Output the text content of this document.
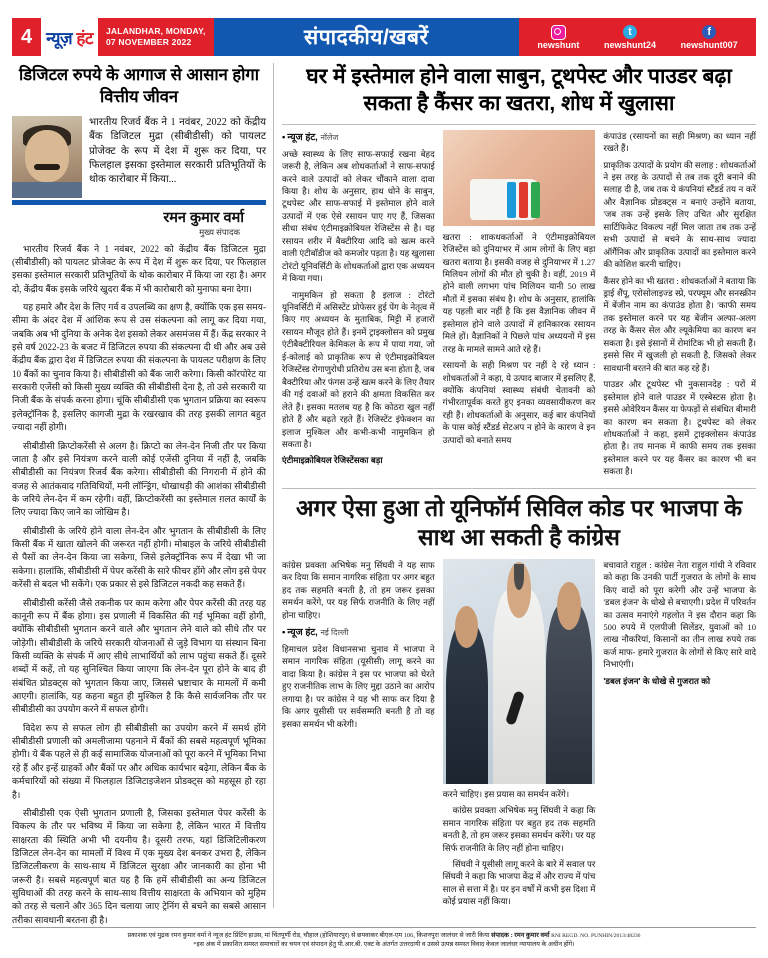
4 न्यूज़ हंट JALANDHAR, MONDAY,
07 NOVEMBER 2022	संपादकीय/खबरें	newshunt
t
newshunt24
f
newshunt007
डिजिटल रुपये के आगाज से आसान होगा वित्तीय जीवन
भारतीय रिजर्व बैंक ने 1 नवंबर, 2022 को केंद्रीय बैंक डिजिटल मुद्रा (सीबीडीसी) को पायलट प्रोजेक्ट के रूप में देश में शुरू कर दिया, पर फिलहाल इसका इस्तेमाल सरकारी प्रतिभूतियों के थोक कारोबार में किया...
रमन कुमार वर्मा
मुख्य संपादक

भारतीय रिजर्व बैंक ने 1 नवंबर, 2022 को केंद्रीय बैंक डिजिटल मुद्रा (सीबीडीसी) को पायलट प्रोजेक्ट के रूप में देश में शुरू कर दिया, पर फिलहाल इसका इस्तेमाल सरकारी प्रतिभूतियों के थोक कारोबार में किया जा रहा है। अगर दो, केंद्रीय बैंक इसके जरिये खुदरा बैंक में भी कारोबारी को मुनाफा बना देगा।

यह हमारे और देश के लिए गर्व व उपलब्धि का क्षण है, क्योंकि एक इस समय-सीमा के अंदर देश में आंशिक रूप से उस संकल्पना को लागू कर दिया गया, जबकि अब भी दुनिया के अनेक देश इसको लेकर असमंजस में हैं। केंद्र सरकार ने इसे वर्ष 2022-23 के बजट में डिजिटल रुपया की संकल्पना दी थी और अब उसे केंद्रीय बैंक द्वारा देश में डिजिटल रुपया की संकल्पना के पायलट परीक्षण के लिए 10 बैंकों का चुनाव किया है। सीबीडीसी को बैंक जारी करेगा। किसी कॉरपोरेट या सरकारी एजेंसी को किसी मुख्य व्यक्ति की सीबीडीसी देना है, तो उसे सरकारी या निजी बैंक के संपर्क करना होगा। चूंकि सीबीडीसी एक भुगतान प्रक्रिया का स्वरूप इलेक्ट्रॉनिक है, इसलिए कागजी मुद्रा के रखरखाव की तरह इसकी लागत बहुत ज्यादा नहीं होगी।

सीबीडीसी क्रिप्टोकरेंसी से अलग है। क्रिप्टो का लेन-देन निजी तौर पर किया जाता है और इसे नियंत्रण करने वाली कोई एजेंसी दुनिया में नहीं है, जबकि सीबीडीसी का नियंत्रण रिजर्व बैंक करेगा। सीबीडीसी की निगरानी में होने की वजह से आतंकवाद गतिविधियों, मनी लॉन्ड्रिंग, धोखाधड़ी की आशंका सीबीडीसी के जरिये लेन-देन में कम रहेगी। वहीं, क्रिप्टोकरेंसी का इस्तेमाल ग़लत कार्यों के लिए ज्यादा किए जाने का जोखिम है।

सीबीडीसी के जरिये होने वाला लेन-देन और भुगतान के सीबीडीसी के लिए किसी बैंक में खाता खोलने की जरूरत नहीं होगी। मोबाइल के जरिये सीबीडीसी से पैसों का लेन-देन किया जा सकेगा, जिसे इलेक्ट्रॉनिक रूप में देखा भी जा सकेगा। हालांकि, सीबीडीसी में पेपर करेंसी के सारे फीचर होंगे और लोग इसे पेपर करेंसी से बदल भी सकेंगे। एक प्रकार से इसे डिजिटल नकदी कह सकते हैं।

सीबीडीसी करेंसी जैसे तकनीक पर काम करेगा और पेपर करेंसी की तरह यह कानूनी रूप में बैंक होगा। इस प्रणाली में विकसित की गई भूमिका वहीं होगी, क्योंकि सीबीडीसी भुगतान करने वाले और भुगतान लेने वाले को सीधे तौर पर जोड़ेगी। सीबीडीसी के जरिये सरकारी योजनाओं से जुड़े विभाग या संस्थान बिना किसी व्यक्ति के संपर्क में आए सीधे लाभार्थियों को लाभ पहुंचा सकते हैं। दूसरे शब्दों में कहें, तो यह सुनिश्चित किया जाएगा कि लेन-देन पूरा होने के बाद ही संबंधित प्रोडक्ट्स को भुगतान किया जाए, जिससे भ्रष्टाचार के मामलों में कमी आएगी। हालांकि, यह कहना बहुत ही मुश्किल है कि कैसे सार्वजनिक तौर पर सीबीडीसी का उपयोग करने में सफल होगी।

विदेश रूप से सफल लोग ही सीबीडीसी का उपयोग करने में समर्थ होंगे सीबीडीसी प्रणाली को अमलीजामा पहनाने में बैंकों की सबसे महत्वपूर्ण भूमिका होगी। ये बैंक पहले से ही कई सामाजिक योजनाओं को पूरा करने में भूमिका निभा रहे हैं और इन्हें ग्राहकों और बैंकों पर और अधिक कार्यभार बढ़ेगा, लेकिन बैंक के कर्मचारियों को संख्या में फिलहाल डिजिटाइजेशन प्रोडक्ट्स को महसूस हो रहा है।

सीबीडीसी एक ऐसी भुगतान प्रणाली है, जिसका इस्तेमाल पेपर करेंसी के विकल्प के तौर पर भविष्य में किया जा सकेगा है, लेकिन भारत में वित्तीय साक्षरता की स्थिति अभी भी दयनीय है। दूसरी तरफ, यहां डिजिटिलीकरण डिजिटल लेन-देन का मामलों में विश्व में एक मुख्य देश बनकर उभरा है, लेकिन डिजिटलीकरण के साथ-साथ में डिजिटल सुरक्षा और जानकारी का होना भी जरूरी है। सबसे महत्वपूर्ण बात यह है कि हमें सीबीडीसी का अन्य डिजिटल सुविधाओं की तरह करने के साथ-साथ वित्तीय साक्षरता के अभियान को मुहिम को तरह से चलाने और 365 दिन चलाया जाए ट्रेनिंग से बचने का सबसे आसान तरीका सावधानी बरतना ही है।

घर में इस्तेमाल होने वाला साबुन, टूथपेस्ट और पाउडर बढ़ा सकता है कैंसर का खतरा, शोध में खुलासा
• न्यूज हंट, नॉलेज

अच्छे स्वास्थ्य के लिए साफ-सफाई रखना बेहद जरूरी है, लेकिन अब शोधकर्ताओं ने साफ-सफाई करने वाले उत्पादों को लेकर चौंकाने वाला दावा किया है। शोध के अनुसार, हाथ धोने के साबुन, टूथपेस्ट और साफ-सफाई में इस्तेमाल होने वाले उत्पादों में एक ऐसे रसायन पाए गए हैं, जिसका सीधा संबंध एंटीमाइक्रोबियल रेजिस्टेंस से है। यह रसायन शरीर में बैक्टीरिया आदि को खत्म करने वाली एंटीबॉडीज को कमजोर पड़ता है। यह खुलासा टोरंटो यूनिवर्सिटी के शोधकर्ताओं द्वारा एक अध्ययन में किया गया।

नामुमकिन हो सकता है इलाज : टोरंटो यूनिवर्सिटी में असिस्टेंट प्रोफेसर हुई पेंग के नेतृत्व में किए गए अध्ययन के मुताबिक, मिट्टी में हजारों रसायन मौजूद होते हैं। इनमें ट्राइक्लोसन को प्रमुख एंटीबैक्टीरियल केमिकल के रूप में पाया गया, जो ई-कोलाई को प्राकृतिक रूप से एंटीमाइक्रोबियल रेजिस्टेंस्ड रोगाणुरोधी प्रतिरोध उस बना होता है, जब बैक्टीरिया और फंगस उन्हें खत्म करने के लिए तैयार की गई दवाओं को हराने की क्षमता विकसित कर लेते हैं। इसका मतलब यह है कि कोठरा खुल नहीं होते हैं और बढ़ते रहते हैं। रेजिस्टेंट इंफेक्शन का इलाज मुश्किल और कभी-कभी नामुमकिन हो सकता है।

एंटीमाइक्रोबियल रेजिस्टेंसका बड़ा

खतरा : शाकधकर्ताओं ने एंटीमाइक्रोबियल रेजिस्टेंस को दुनियाभर में आम लोगों के लिए बड़ा खतरा बताया है। इसकी वजह से दुनियाभर में 1.27 मिलियन लोगों की मौत हो चुकी है। वहीं, 2019 में होने वाली लगभग पांच मिलियन यानी 50 लाख मौतों में इसका संबंध है। शोध के अनुसार, हालांकि यह पहली बार नहीं है कि इस वैज्ञानिक जीवन में इस्तेमाल होने वाले उत्पादों में हानिकारक रसायन मिले हों। वैज्ञानिकों ने पिछले पांच अध्ययनों में इस तरह के मामले सामने आते रहे हैं।

रसायनों के सही मिश्रण पर नहीं दे रहे ध्यान : शोधकर्ताओं ने कहा, ये उत्पाद बाजार में इसलिए हैं, क्योंकि कंपनियां स्वास्थ्य संबंधी चेतावनी को गंभीरतापूर्वक करते हुए इनका व्यवसायीकरण कर रही हैं। शोधकर्ताओं के अनुसार, कई बार कंपनियों के पास कोई स्टैंडर्ड सेटअप न होने के कारण वे इन उत्पादों को बनाते समय

कंपाउंड (रसायनों का सही मिश्रण) का ध्यान नहीं रखते हैं।

प्राकृतिक उत्पादों के प्रयोग की सलाह : शोधकर्ताओं ने इस तरह के उत्पादों से तब तक दूरी बनाने की सलाह दी है, जब तक ये कंपनियां स्टैंडर्ड तय न करें और वैज्ञानिक प्रोडक्ट्स न बनाएं उन्होंने बताया, 'जब तक उन्हें इसके लिए उचित और सुरक्षित सार्टिफिकेट विकल्प नहीं मिल जाता तब तक उन्हें सभी उत्पादों से बचने के साथ-साथ ज्यादा ऑर्गैनिक और प्राकृतिक उत्पादों का इस्तेमाल करने की कोशिश करनी चाहिए।

कैंसर होने का भी खतरा : शोधकर्ताओं ने बताया कि ड्राई शैंपू, एरोसोलाइज्ड स्प्रे, परफ्यूम और सनस्क्रीन में बेंजीन नाम का कंपाउंड होता है। 'काफी समय तक इस्तेमाल करने पर यह बेंजीन अल्फा-अलग तरह के कैंसर सेल और ल्यूकेमिया का कारण बन सकता है। इसे इंसानों में रोमांटिक भी हो सकती हैं। इससे सिर में खुजली हो सकती है, जिसको लेकर सावधानी बरतने की बात कह रहे हैं।

पाउडर और टूथपेस्ट भी नुकसानदेह : परों में इस्तेमाल होने वाले पाउडर में एस्बेस्टस होता है। इससे ओवेरियन कैंसर या फेफड़ों से संबंधित बीमारी का कारण बन सकता है। टूथपेस्ट को लेकर शोधकर्ताओं ने कहा, इसमें ट्राइक्लोसन कंपाउंड होता है। तय मानक में काफी समय तक इसका इस्तेमाल करने पर यह कैंसर का कारण भी बन सकता है।

अगर ऐसा हुआ तो यूनिफॉर्म सिविल कोड पर भाजपा के साथ आ सकती है कांग्रेस

कांग्रेस प्रवक्ता अभिषेक मनु सिंघवी ने यह साफ कर दिया कि समान नागरिक संहिता पर अगर बहुत हद तक सहमति बनती है, तो हम जरूर इसका समर्थन करेंगे, पर यह सिर्फ राजनीति के लिए नहीं होना चाहिए।

• न्यूज हंट, नई दिल्ली

हिमाचल प्रदेश विधानसभा चुनाव में भाजपा ने समान नागरिक संहिता (यूसीसी) लागू करने का वादा किया है। कांग्रेस ने इस पर भाजपा को घेरते हुए राजनीतिक लाभ के लिए मुद्दा उठाने का आरोप लगाया है। पर कांग्रेस ने यह भी साफ कर दिया है कि अगर यूसीसी पर सर्वसम्मति बनती है तो वह इसका समर्थन भी करेगी।

करने चाहिए। इस प्रयास का समर्थन करेंगे।

कांग्रेस प्रवक्ता अभिषेक मनु सिंघवी ने कहा कि समान नागरिक संहिता पर बहुत हद तक सहमति बनती है, तो हम जरूर इसका समर्थन करेंगे। पर यह सिर्फ राजनीति के लिए नहीं होना चाहिए।

सिंघवी ने यूसीसी लागू करने के बारे में सवाल पर सिंघवी ने कहा कि भाजपा केंद्र में और राज्य में पांच साल से सत्ता में है। पर इन वर्षों में कभी इस दिशा में कोई प्रयास नहीं किया।

बचावाते राहुल : कांग्रेस नेता राहुल गांधी ने रविवार को कहा कि उनकी पार्टी गुजरात के लोगों के साथ किए वादों को पूरा करेगी और उन्हें भाजपा के 'डबल इंजन' के धोखे से बचाएगी। प्रदेश में परिवर्तन का उत्सव मनाएंगे गहलोत ने इस दौरान कहा कि 500 रुपये में एलपीजी सिलेंडर, युवाओं को 10 लाख नौकरियां, किसानों का तीन लाख रुपये तक कर्ज माफ- हमारे गुजरात के लोगों से किए सारे वादे निभाएंगी।

'डबल इंजन' के धोखे से गुजरात को

प्रकाशक एवं मुद्रक रमन कुमार वर्मा ने न्यूज हंट प्रिंटिंग हाउस, मां चिंतपूर्णी रोड, चौहाल (होशियारपुर) से छपवाकर बीएल-एम 106, किशनपुरा जालंधर से जारी किया संपादक : रमन कुमार वर्मा RNI REGD. NO. PUNHIN/2013/48236
*इस अंक में प्रकाशित समस्त समाचारों का चयन एवं संपादन हेतु पी.आर.बी. एक्ट के अंतर्गत उत्तरदायी व उससे उत्पन्न समस्त विवाद केवल जालंधर न्यायालय के अधीन होंगे।
